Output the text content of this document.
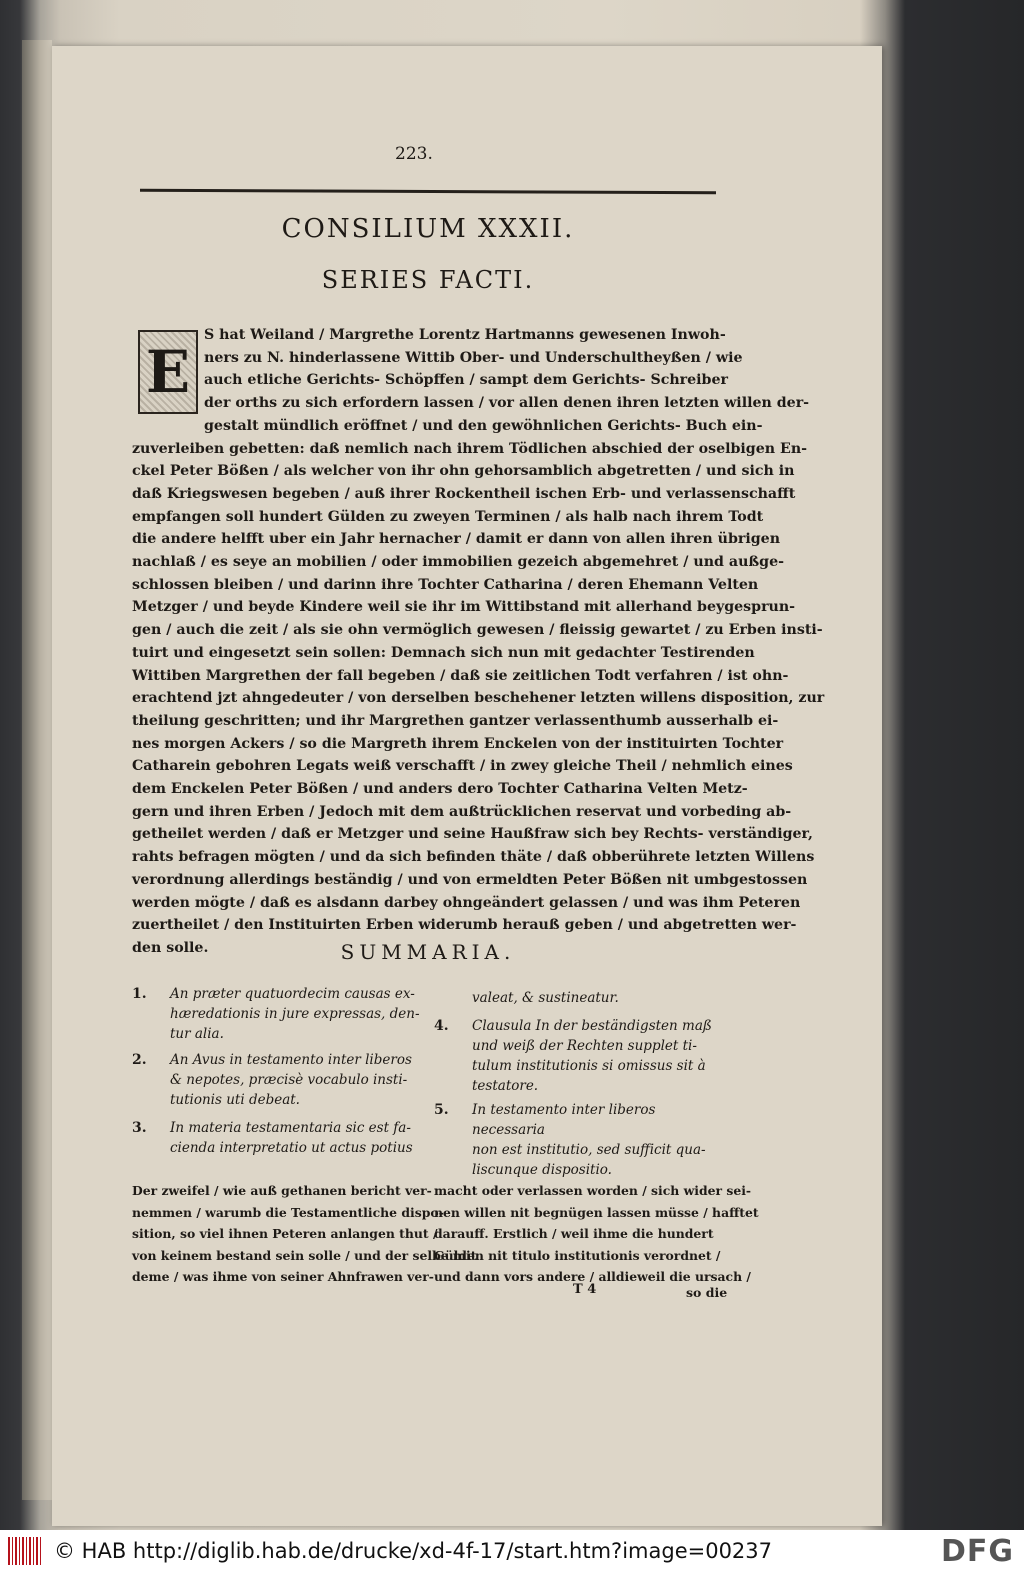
223.
CONSILIUM XXXII.
SERIES FACTI.
S hat Weiland / Margrethe Lorentz Hartmanns gewesenen Inwoh-
ners zu N. hinderlassene Wittib Ober- und Underschultheyßen / wie
auch etliche Gerichts- Schöpffen / sampt dem Gerichts- Schreiber
der orths zu sich erfordern lassen / vor allen denen ihren letzten willen der-
gestalt mündlich eröffnet / und den gewöhnlichen Gerichts- Buch ein-
zuverleiben gebetten: daß nemlich nach ihrem Tödlichen abschied der oselbigen En-
ckel Peter Bößen / als welcher von ihr ohn gehorsamblich abgetretten / und sich in
daß Kriegswesen begeben / auß ihrer Rockentheil ischen Erb- und verlassenschafft
empfangen soll hundert Gülden zu zweyen Terminen / als halb nach ihrem Todt
die andere helfft uber ein Jahr hernacher / damit er dann von allen ihren übrigen
nachlaß / es seye an mobilien / oder immobilien gezeich abgemehret / und außge-
schlossen bleiben / und darinn ihre Tochter Catharina / deren Ehemann Velten
Metzger / und beyde Kindere weil sie ihr im Wittibstand mit allerhand beygesprun-
gen / auch die zeit / als sie ohn vermöglich gewesen / fleissig gewartet / zu Erben insti-
tuirt und eingesetzt sein sollen: Demnach sich nun mit gedachter Testirenden
Wittiben Margrethen der fall begeben / daß sie zeitlichen Todt verfahren / ist ohn-
erachtend jzt ahngedeuter / von derselben beschehener letzten willens disposition, zur
theilung geschritten; und ihr Margrethen gantzer verlassenthumb ausserhalb ei-
nes morgen Ackers / so die Margreth ihrem Enckelen von der instituirten Tochter
Catharein gebohren Legats weiß verschafft / in zwey gleiche Theil / nehmlich eines
dem Enckelen Peter Bößen / und anders dero Tochter Catharina Velten Metz-
gern und ihren Erben / Jedoch mit dem außtrücklichen reservat und vorbeding ab-
getheilet werden / daß er Metzger und seine Haußfraw sich bey Rechts- verständiger,
rahts befragen mögten / und da sich befinden thäte / daß obberührete letzten Willens
verordnung allerdings beständig / und von ermeldten Peter Bößen nit umbgestossen
werden mögte / daß es alsdann darbey ohngeändert gelassen / und was ihm Peteren
zuertheilet / den Instituirten Erben widerumb herauß geben / und abgetretten wer-
den solle.
E
SUMMARIA.
1. An præter quatuordecim causas ex-
hæredationis in jure expressas, den-
tur alia.
2. An Avus in testamento inter liberos
& nepotes, præcisè vocabulo insti-
tutionis uti debeat.
3. In materia testamentaria sic est fa-
cienda interpretatio ut actus potius
valeat, & sustineatur.
4. Clausula In der beständigsten maß
und weiß der Rechten supplet ti-
tulum institutionis si omissus sit à
testatore.
5. In testamento inter liberos necessaria
non est institutio, sed sufficit qua-
liscunque dispositio.
Der zweifel / wie auß gethanen bericht ver-
nemmen / warumb die Testamentliche dispo-
sition, so viel ihnen Peteren anlangen thut /
von keinem bestand sein solle / und der selbe mit
deme / was ihme von seiner Ahnfrawen ver-
macht oder verlassen worden / sich wider sei-
nen willen nit begnügen lassen müsse / hafftet
darauff. Erstlich / weil ihme die hundert
Gülden nit titulo institutionis verordnet /
und dann vors andere / alldieweil die ursach /
T 4	so die
© HAB http://diglib.hab.de/drucke/xd-4f-17/start.htm?image=00237	DFG
